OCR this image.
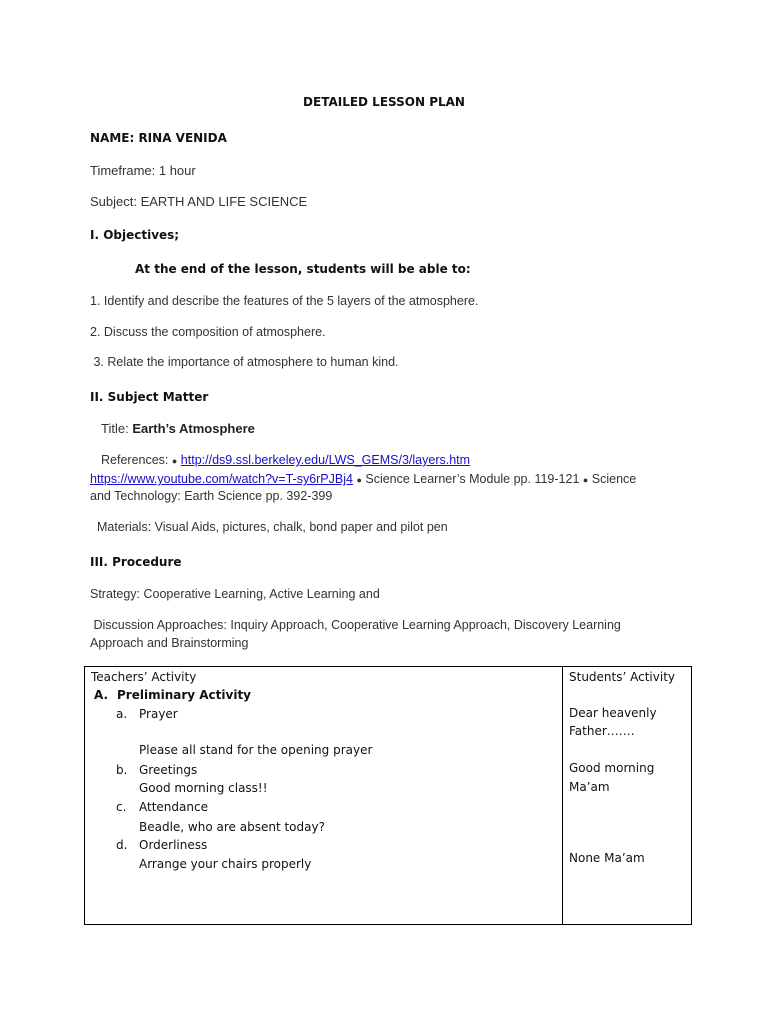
DETAILED LESSON PLAN
NAME: RINA VENIDA
Timeframe: 1 hour
Subject: EARTH AND LIFE SCIENCE
I. Objectives;
At the end of the lesson, students will be able to:
1. Identify and describe the features of the 5 layers of the atmosphere.
2. Discuss the composition of atmosphere.
3. Relate the importance of atmosphere to human kind.
II. Subject Matter
Title: Earth’s Atmosphere
References: ● http://ds9.ssl.berkeley.edu/LWS_GEMS/3/layers.htm
https://www.youtube.com/watch?v=T-sy6rPJBj4 ● Science Learner’s Module pp. 119-121 ● Science
and Technology: Earth Science pp. 392-399
Materials: Visual Aids, pictures, chalk, bond paper and pilot pen
III. Procedure
Strategy: Cooperative Learning, Active Learning and
Discussion Approaches: Inquiry Approach, Cooperative Learning Approach, Discovery Learning
Approach and Brainstorming
Teachers’ Activity	Students’ Activity
A. Preliminary Activity
a. Prayer
Please all stand for the opening prayer
b. Greetings
Good morning class!!
c. Attendance
Beadle, who are absent today?
d. Orderliness
Arrange your chairs properly
Dear heavenly
Father…….
Good morning
Ma’am
None Ma’am
